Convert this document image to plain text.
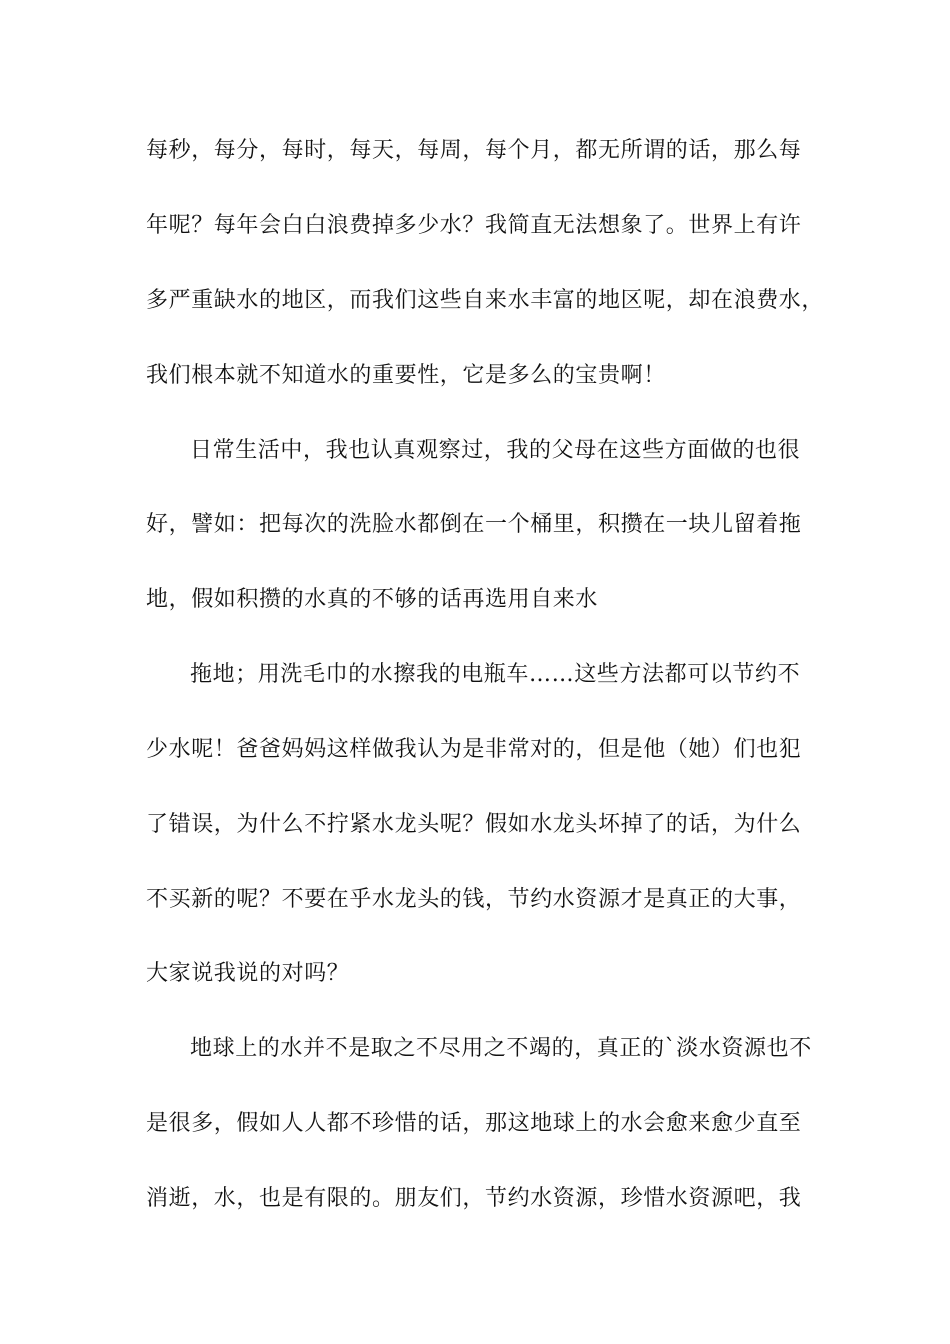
每秒，每分，每时，每天，每周，每个月，都无所谓的话，那么每
年呢？每年会白白浪费掉多少水？我简直无法想象了。世界上有许
多严重缺水的地区，而我们这些自来水丰富的地区呢，却在浪费水，
我们根本就不知道水的重要性，它是多么的宝贵啊！
日常生活中，我也认真观察过，我的父母在这些方面做的也很
好，譬如：把每次的洗脸水都倒在一个桶里，积攒在一块儿留着拖
地，假如积攒的水真的不够的话再选用自来水
拖地；用洗毛巾的水擦我的电瓶车……这些方法都可以节约不
少水呢！爸爸妈妈这样做我认为是非常对的，但是他（她）们也犯
了错误，为什么不拧紧水龙头呢？假如水龙头坏掉了的话，为什么
不买新的呢？不要在乎水龙头的钱，节约水资源才是真正的大事，
大家说我说的对吗？
地球上的水并不是取之不尽用之不竭的，真正的`淡水资源也不
是很多，假如人人都不珍惜的话，那这地球上的水会愈来愈少直至
消逝，水，也是有限的。朋友们，节约水资源，珍惜水资源吧，我
